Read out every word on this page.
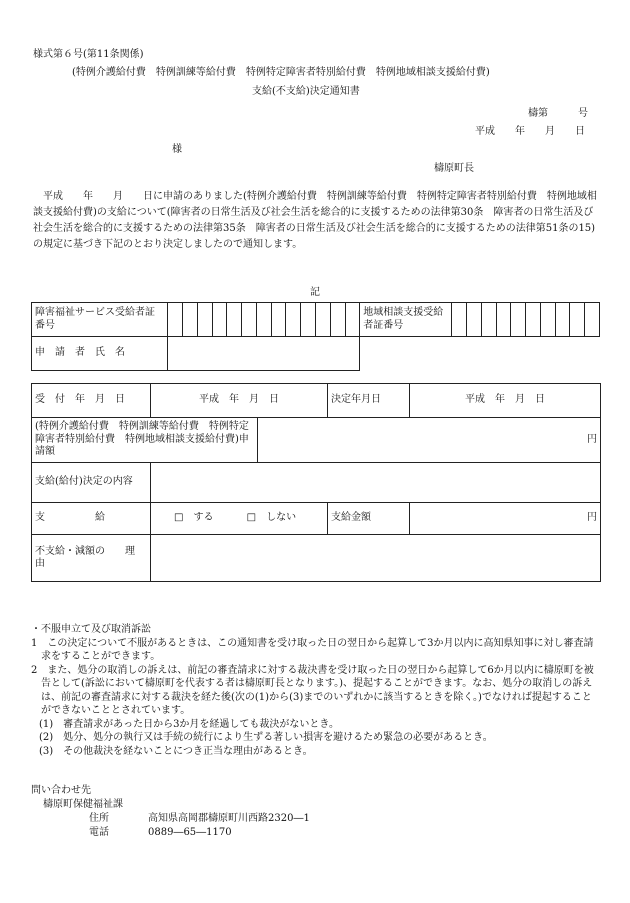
様式第６号(第11条関係)
(特例介護給付費　特例訓練等給付費　特例特定障害者特別給付費　特例地域相談支援給付費)
支給(不支給)決定通知書
檮第　　　号
平成　　年　　月　　日
様
檮原町長
　平成　　年　　月　　日に申請のありました(特例介護給付費　特例訓練等給付費　特例特定障害者特別給付費　特例地域相談支援給付費)の支給について(障害者の日常生活及び社会生活を総合的に支援するための法律第30条　障害者の日常生活及び社会生活を総合的に支援するための法律第35条　障害者の日常生活及び社会生活を総合的に支援するための法律第51条の15)の規定に基づき下記のとおり決定しましたので通知します。
記
障害福祉サービス受給者証番号														地域相談支援受給者証番号										
申　請　者　氏　名																								
受　付　年　月　日	平成　年　月　日		決定年月日	平成　年　月　日
(特例介護給付費　特例訓練等給付費　特例特定障害者特別給付費　特例地域相談支援給付費)申請額		円		
支給(給付)決定の内容				
支　　　　　給	□　する □　しない		支給金額	円
不支給・減額の　　理　　由				
・不服申立て及び取消訴訟
1　この決定について不服があるときは、この通知書を受け取った日の翌日から起算して3か月以内に高知県知事に対し審査請求をすることができます。
2　また、処分の取消しの訴えは、前記の審査請求に対する裁決書を受け取った日の翌日から起算して6か月以内に檮原町を被告として(訴訟において檮原町を代表する者は檮原町長となります。)、提起することができます。なお、処分の取消しの訴えは、前記の審査請求に対する裁決を経た後(次の(1)から(3)までのいずれかに該当するときを除く。)でなければ提起することができないこととされています。
(1)　審査請求があった日から3か月を経過しても裁決がないとき。
(2)　処分、処分の執行又は手続の続行により生ずる著しい損害を避けるため緊急の必要があるとき。
(3)　その他裁決を経ないことにつき正当な理由があるとき。
問い合わせ先
檮原町保健福祉課
住所	高知県高岡郡檮原町川西路2320―1
電話	0889―65―1170
